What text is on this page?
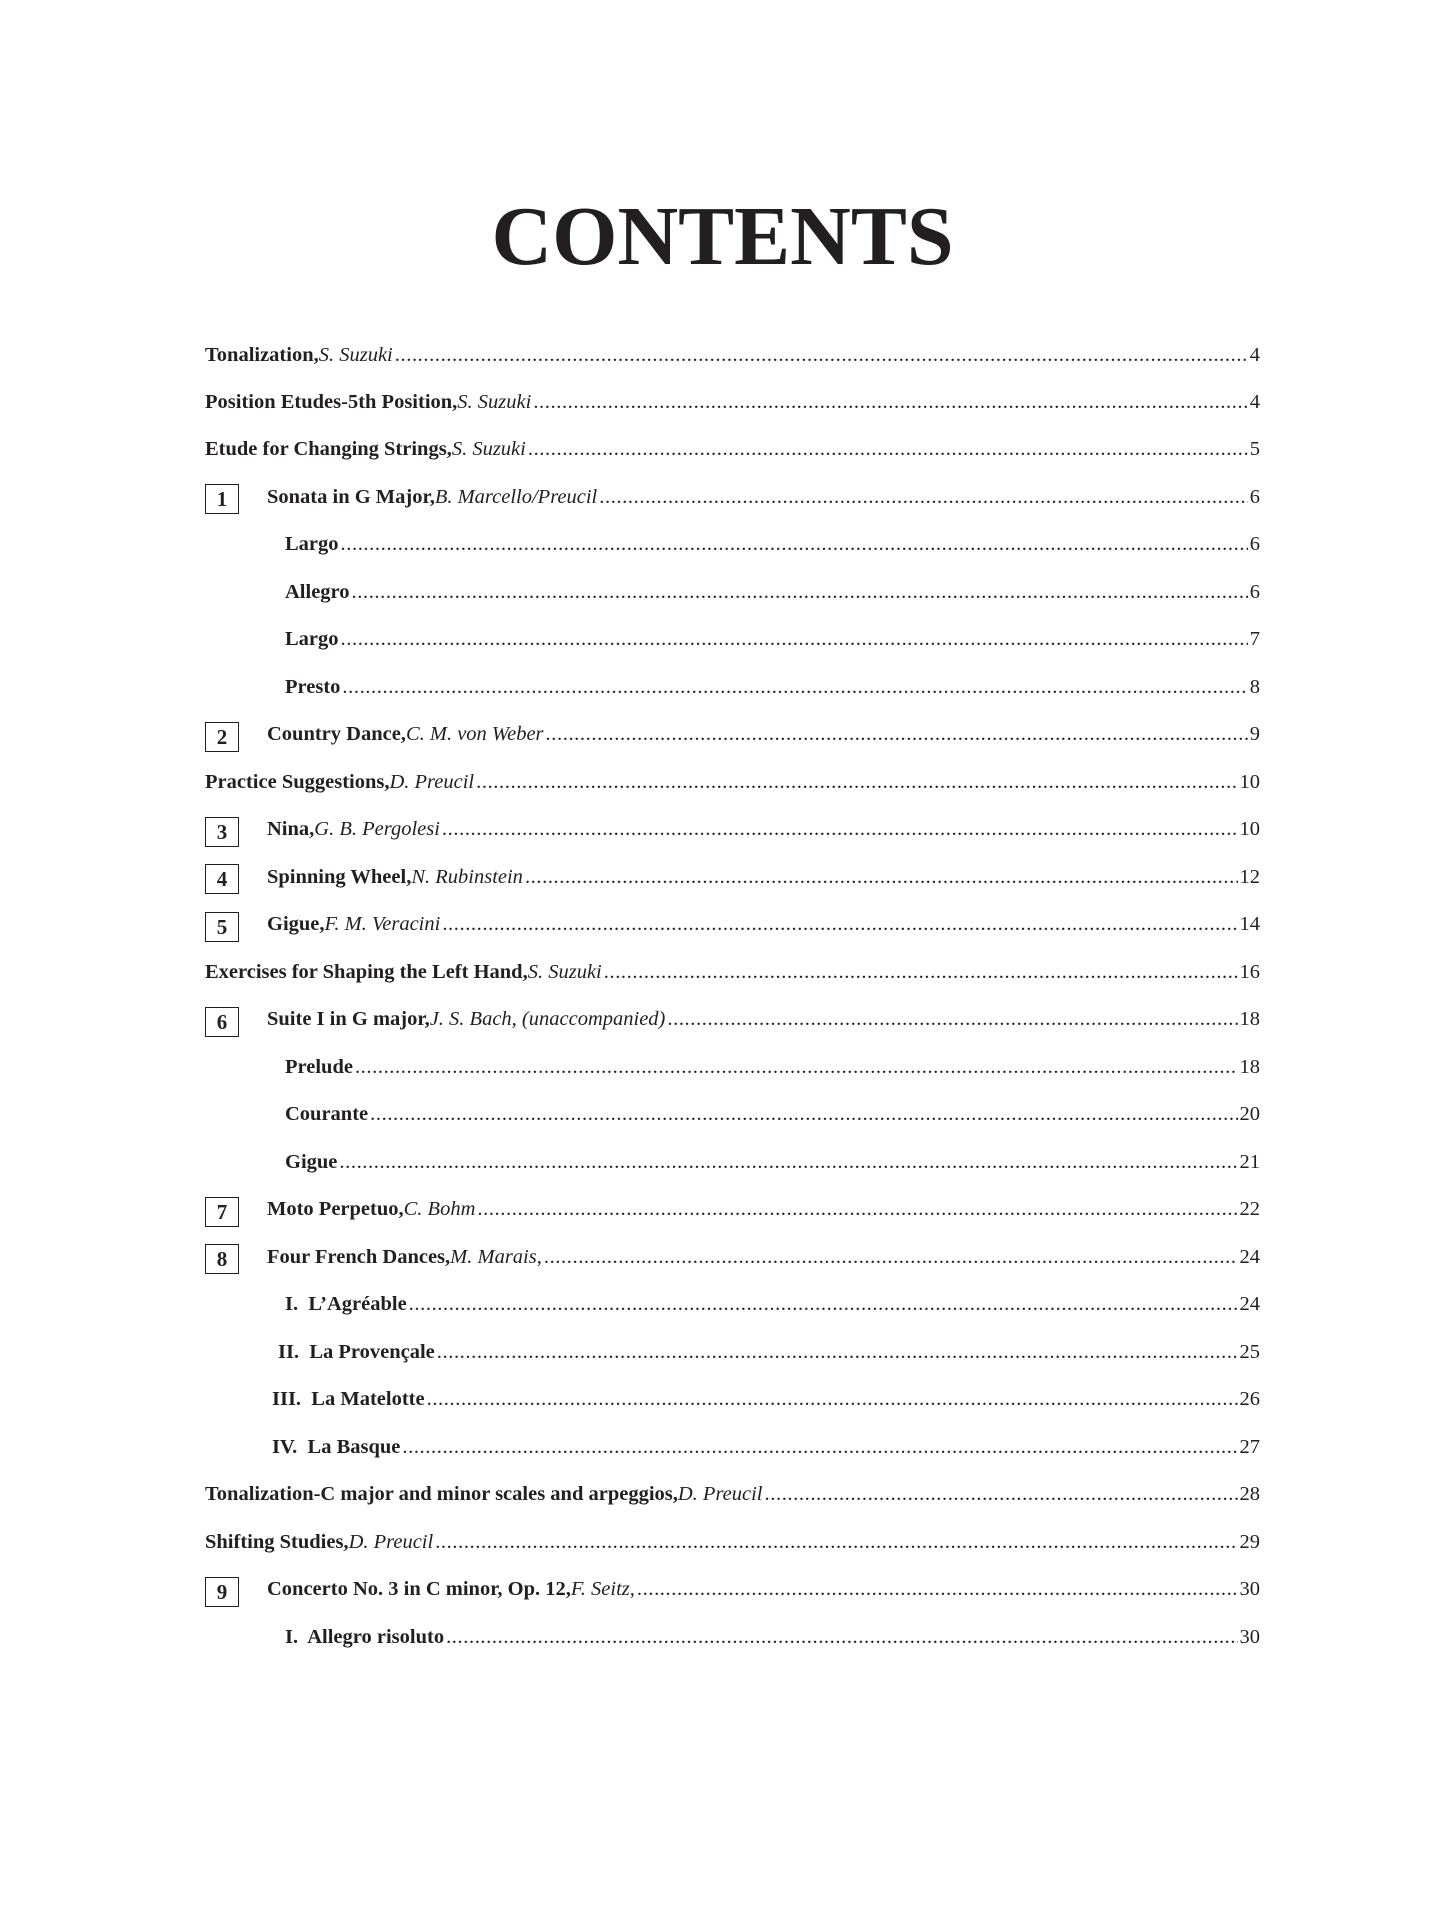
CONTENTS
Tonalization, S. Suzuki .....	4
Position Etudes-5th Position, S. Suzuki .....	4
Etude for Changing Strings, S. Suzuki .....	5
1	Sonata in G Major, B. Marcello/Preucil .....	6
Largo .....	6
Allegro .....	6
Largo .....	7
Presto .....	8
2	Country Dance, C. M. von Weber .....	9
Practice Suggestions, D. Preucil .....	10
3	Nina, G. B. Pergolesi .....	10
4	Spinning Wheel, N. Rubinstein .....	12
5	Gigue, F. M. Veracini .....	14
Exercises for Shaping the Left Hand, S. Suzuki .....	16
6	Suite I in G major, J. S. Bach, (unaccompanied) .....	18
Prelude .....	18
Courante .....	20
Gigue .....	21
7	Moto Perpetuo, C. Bohm .....	22
8	Four French Dances, M. Marais, .....	24
I.  L’Agréable .....	24
II.  La Provençale .....	25
III.  La Matelotte .....	26
IV.  La Basque .....	27
Tonalization-C major and minor scales and arpeggios, D. Preucil .....	28
Shifting Studies, D. Preucil .....	29
9	Concerto No. 3 in C minor, Op. 12, F. Seitz, .....	30
I.  Allegro risoluto .....	30
